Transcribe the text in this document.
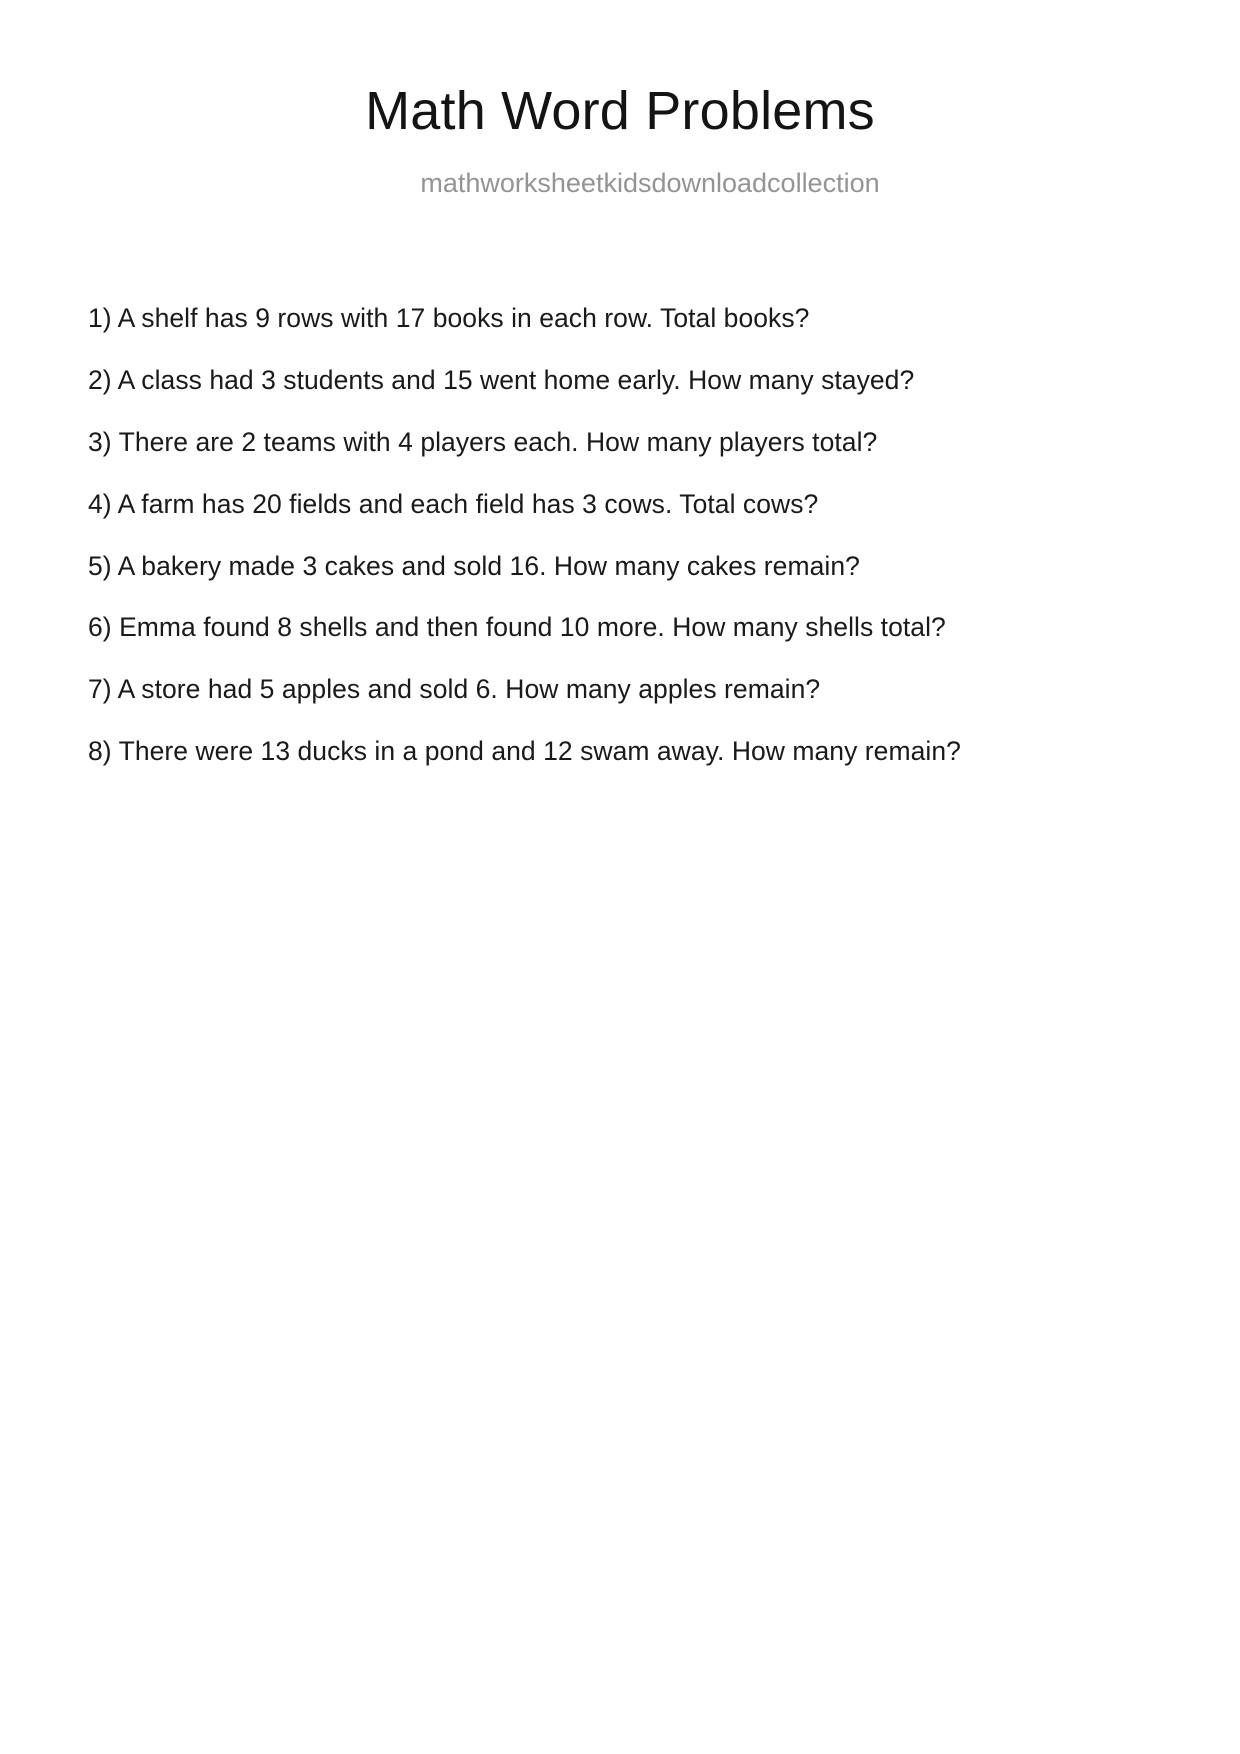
Math Word Problems
mathworksheetkidsdownloadcollection
1) A shelf has 9 rows with 17 books in each row. Total books?
2) A class had 3 students and 15 went home early. How many stayed?
3) There are 2 teams with 4 players each. How many players total?
4) A farm has 20 fields and each field has 3 cows. Total cows?
5) A bakery made 3 cakes and sold 16. How many cakes remain?
6) Emma found 8 shells and then found 10 more. How many shells total?
7) A store had 5 apples and sold 6. How many apples remain?
8) There were 13 ducks in a pond and 12 swam away. How many remain?
